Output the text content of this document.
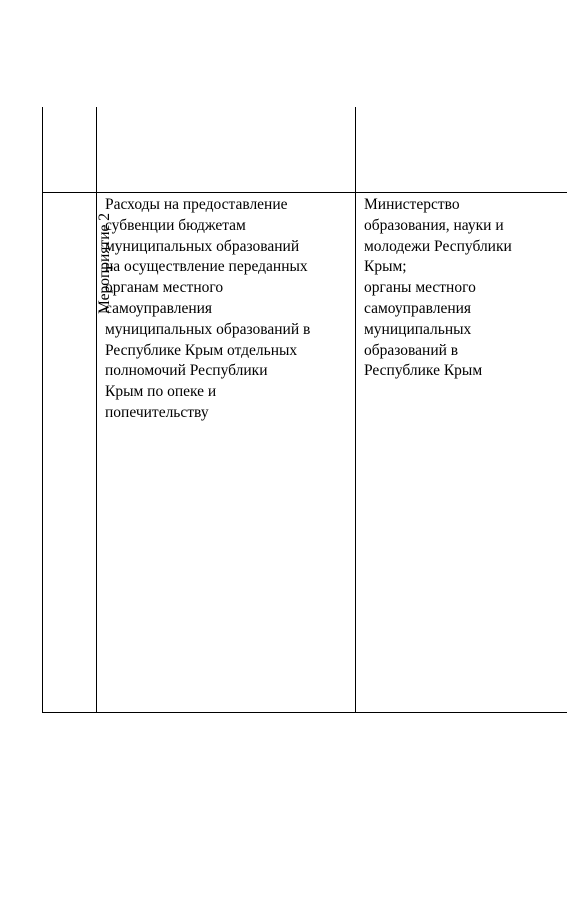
Мероприятие 2
Расходы на предоставление
субвенции бюджетам
муниципальных образований
на осуществление переданных
органам местного
самоуправления
муниципальных образований в
Республике Крым отдельных
полномочий Республики
Крым по опеке и
попечительству
Министерство
образования, науки и
молодежи Республики
Крым;
органы местного
самоуправления
муниципальных
образований в
Республике Крым
